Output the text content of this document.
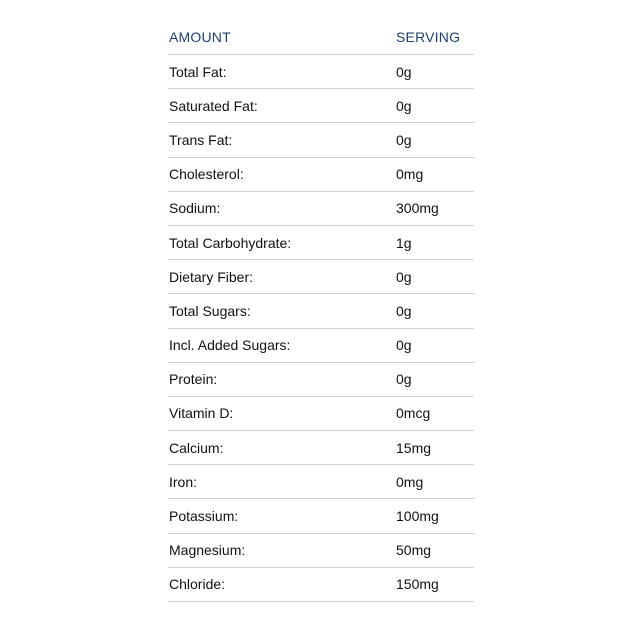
AMOUNT	SERVING
Total Fat:	0g
Saturated Fat:	0g
Trans Fat:	0g
Cholesterol:	0mg
Sodium:	300mg
Total Carbohydrate:	1g
Dietary Fiber:	0g
Total Sugars:	0g
Incl. Added Sugars:	0g
Protein:	0g
Vitamin D:	0mcg
Calcium:	15mg
Iron:	0mg
Potassium:	100mg
Magnesium:	50mg
Chloride:	150mg
